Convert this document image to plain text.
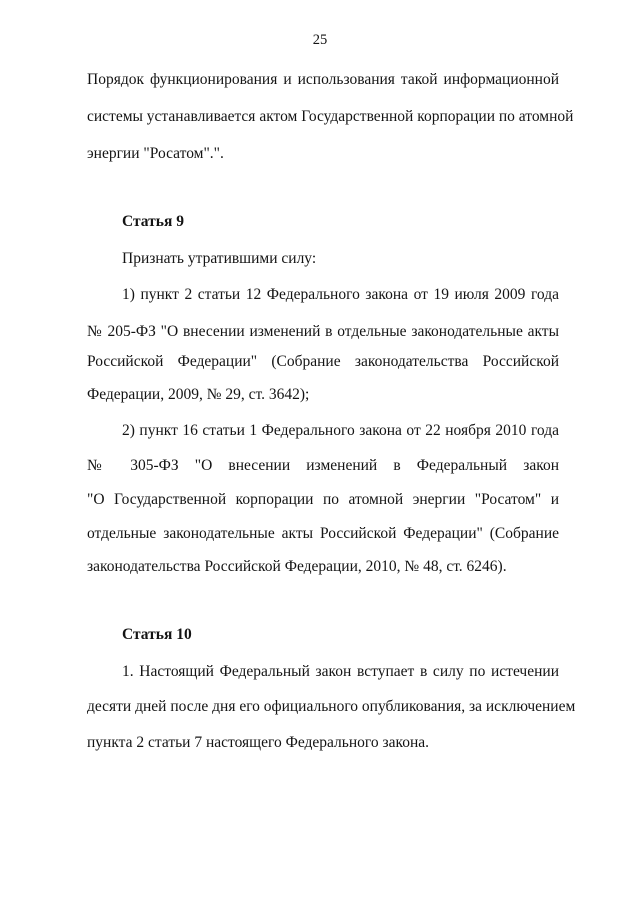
25
Порядок функционирования и использования такой информационной
системы устанавливается актом Государственной корпорации по атомной
энергии "Росатом".".
Статья 9
Признать утратившими силу:
1) пункт 2 статьи 12 Федерального закона от 19 июля 2009 года
№ 205-ФЗ "О внесении изменений в отдельные законодательные акты
Российской Федерации" (Собрание законодательства Российской
Федерации, 2009, № 29, ст. 3642);
2) пункт 16 статьи 1 Федерального закона от 22 ноября 2010 года
№ 305-ФЗ "О внесении изменений в Федеральный закон
"О Государственной корпорации по атомной энергии "Росатом" и
отдельные законодательные акты Российской Федерации" (Собрание
законодательства Российской Федерации, 2010, № 48, ст. 6246).
Статья 10
1. Настоящий Федеральный закон вступает в силу по истечении
десяти дней после дня его официального опубликования, за исключением
пункта 2 статьи 7 настоящего Федерального закона.
